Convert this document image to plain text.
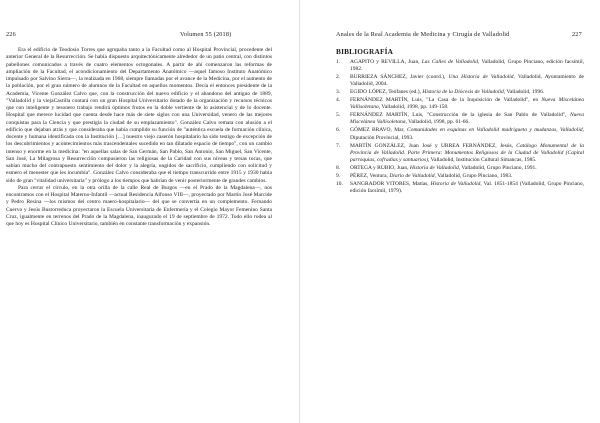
226	Volumen 55 (2018)

Era el edificio de Teodosio Torres que agrupaba tanto a la Facultad como al Hospital Provincial, procedente del anterior General de la Resurrección. Se había dispuesto arquitectónicamente alrededor de un patio central, con distintos pabellones comunicados a través de cuatro elementos octogonales. A partir de ahí comenzaron las reformas de ampliación de la Facultad, el acondicionamiento del Departamento Anatómico —aquel famoso Instituto Anatómico impulsado por Salvino Sierra—, la realizada en 1968, siempre llamadas por el avance de la Medicina, por el aumento de la población, por el gran número de alumnos de la Facultad en aquellos momentos. Decía el entonces presidente de la Academia, Vicente González Calvo que, con la construcción del nuevo edificio y el abandono del antiguo de 1889, "Valladolid y la viejaCastilla contará con un gran Hospital Universitario dotado de la organización y recursos técnicos que con inteligente y tesonero trabajo rendirá óptimos frutos en la doble vertiente de lo asistencial y de lo docente. Hospital que merece lucidad que cuenta desde hace más de siete siglos con una Universidad, venero de las mejores conquistas para la Ciencia y que prestigia la ciudad de su emplazamiento". González Calvo remata con alusión a el edificio que dejaban atrás y que consideraba que había cumplido su función de "auténtica escuela de formación clínica, docente y humana identificada con la Institución […] nuestro viejo caserón hospitalario ha sido testigo de excepción de los descubrimientos y acontecimientos más trascendentales sucedido en tan dilatado espacio de tiempo", con un cambio intenso y enorme en la medicina: "en aquellas salas de San Germán, San Pablo, San Antonio, San Miguel, San Vicente, San José, La Milagrosa y Resurrección compusieron las religiosas de la Caridad con sus níveas y tersas tocas, que sabían mucho del contrapuesto sentimiento del dolor y la alegría, ungidos de sacrificio, cumpliendo con solicitud y esmero el menester que les incumbía". González Calvo consideraba que el tiempo transcurrido entre 1915 y 1930 había sido de gran "vitalidad universitaria" y prólogo a los tiempos que habrían de venir posteriormente de grandes cambios.

Para cerrar el círculo, en la otra orilla de la calle Real de Burgos —en el Prado de la Magdalena—, nos encontramos con el Hospital Materno-Infantil —actual Residencia Alfonso VIII—, proyectado por Martín José Marcide y Pedro Resina —los mismos del centro maero-hospitalario— del que se convertía en un complemento. Fernando Cuervo y Jesús Bustorreduca proyectaron la Escuela Universitaria de Enfermería y el Colegio Mayor Femenino Santa Cruz, igualmente en terrenos del Prado de la Magdalena, inaugurado el 19 de septiembre de 1972. Todo ello rodea al que hoy es Hospital Clínico Universitario, también en constante transformación y expansión.

Anales de la Real Academia de Medicina y Cirugía de Valladolid	227
BIBLIOGRAFÍA
1. AGAPITO y REVILLA, Juan, Las Calles de Valladolid, Valladolid, Grupo Pinciano, edición facsímil, 1982.
2. BURRIEZA SÁNCHEZ, Javier (coord.), Una Historia de Valladolid, Valladolid, Ayuntamiento de Valladolid, 2004.
3. EGIDO LÓPEZ, Teófanes (ed.), Historia de la Diócesis de Valladolid, Valladolid, 1996.
4. FERNÁNDEZ MARTÍN, Luis, "La Casa de la Inquisición de Valladolid", en Nueva Miscelánea Vallisoletana, Valladolid, 1998, pp. 149-158.
5. FERNÁNDEZ MARTÍN, Luis, "Construcción de la iglesia de San Pablo de Valladolid", Nueva Miscelánea Vallisoletana, Valladolid, 1998, pp. 61-66.
6. GÓMEZ BRAVO, Mar, Comunidades en esquinas en Valladolid madrigueta y mudanzas, Valladolid, Diputación Provincial, 1993.
7. MARTÍN GONZÁLEZ, Juan José y URREA FERNÁNDEZ, Jesús, Catálogo Monumental de la Provincia de Valladolid. Parte Primera: Monumentos Religiosos de la Ciudad de Valladolid (Capital parroquias, cofradías y santuarios), Valladolid, Institución Cultural Simancas, 1985.
8. ORTEGA y RUBIO, Juan, Historia de Valladolid, Valladolid, Grupo Pinciano, 1991.
9. PÉREZ, Ventura, Diario de Valladolid, Valladolid, Grupo Pinciano, 1983.
10. SANGRADOR VITORES, Matías, Historia de Valladolid, Val. 1851-1854 (Valladolid, Grupo Pinciano, edición facsímil, 1979).
